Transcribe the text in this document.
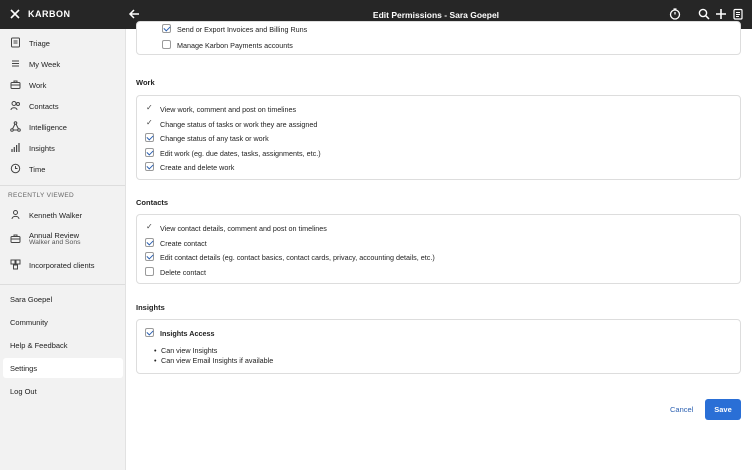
KARBON	Edit Permissions - Sara Goepel
Triage
My Week
Work
Contacts
Intelligence
Insights
Time
RECENTLY VIEWED
Kenneth Walker
Annual Review
Walker and Sons
Incorporated clients
Sara Goepel
Community
Help & Feedback
Settings
Log Out
Send or Export Invoices and Billing Runs
Manage Karbon Payments accounts
Work
✓ View work, comment and post on timelines
✓ Change status of tasks or work they are assigned
Change status of any task or work
Edit work (eg. due dates, tasks, assignments, etc.)
Create and delete work
Contacts
✓ View contact details, comment and post on timelines
Create contact
Edit contact details (eg. contact basics, contact cards, privacy, accounting details, etc.)
Delete contact
Insights
Insights Access
• Can view Insights
• Can view Email Insights if available
Cancel	Save
